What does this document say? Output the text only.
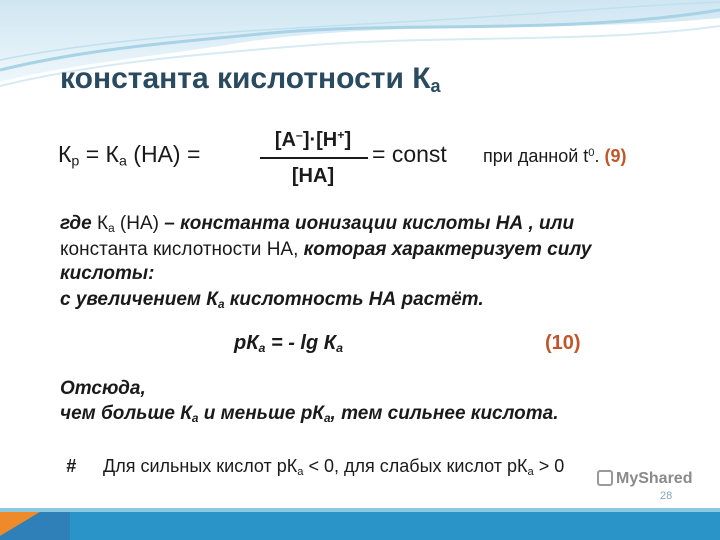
константа кислотности $К_а$
$К_р = К_а$ (НА) =
[A–]·[H+]
[HA]
= const при данной $t^0$. (9)
где $К_а$ (НА) – константа ионизации кислоты НА , или
константа кислотности НА, которая характеризует силу
кислоты:
с увеличением $К_а$ кислотность НА растёт.
$рК_а$ = - $\lg К_а$	(10)
Отсюда,
чем больше $К_а$ и меньше $рК_а$, тем сильнее кислота.
# Для сильных кислот $рК_а < 0$, для слабых кислот $рК_а > 0$
MyShared
28
